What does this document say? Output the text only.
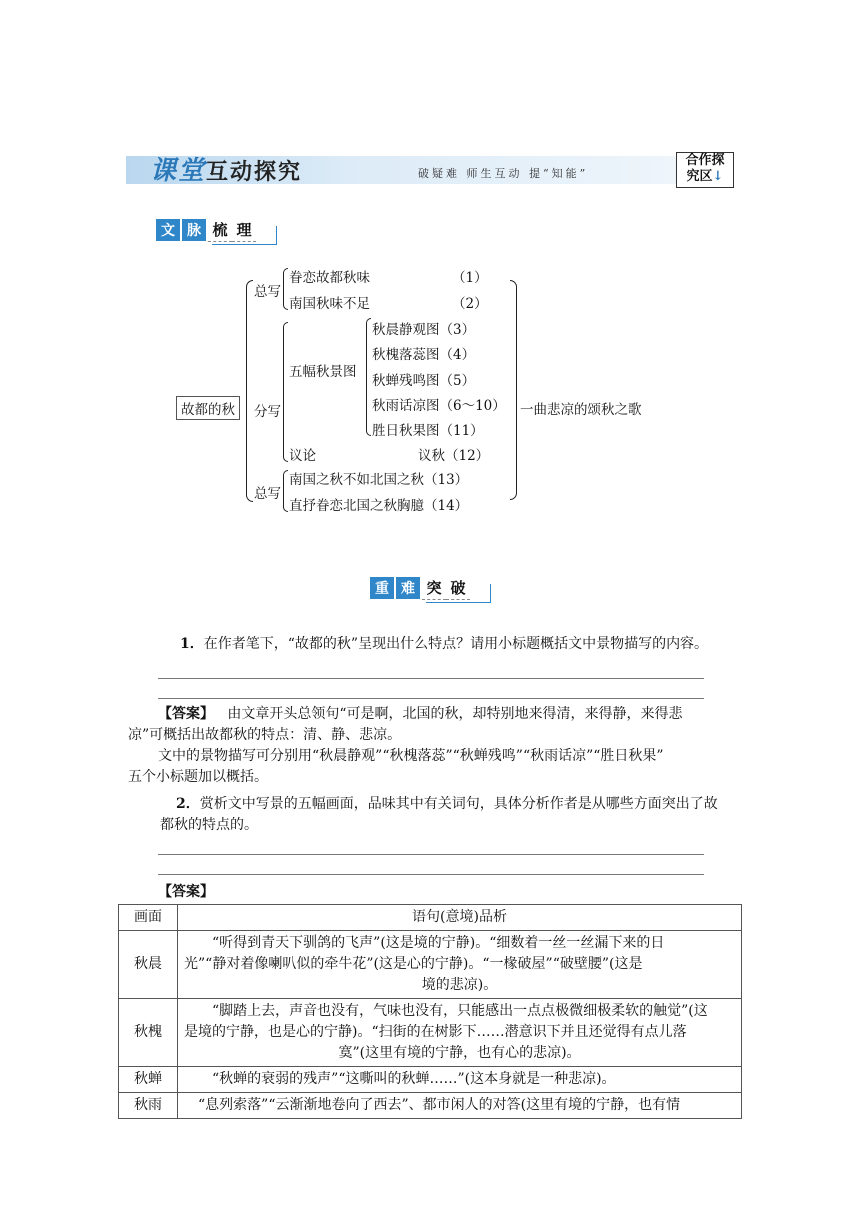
课堂互动探究	破疑难 师生互动 提“知能”
合作探
究区↓
文 脉 梳 理
故都的秋
总写
眷恋故都秋味	（1）
南国秋味不足	（2）
分写
五幅秋景图
秋晨静观图（3）
秋槐落蕊图（4）
秋蝉残鸣图（5）
秋雨话凉图（6～10）
胜日秋果图（11）
议论	议秋（12）
总写
南国之秋不如北国之秋（13）
直抒眷恋北国之秋胸臆（14）
一曲悲凉的颂秋之歌
重 难 突 破
1．在作者笔下，“故都的秋”呈现出什么特点？请用小标题概括文中景物描写的内容。
【答案】 由文章开头总领句“可是啊，北国的秋，却特别地来得清，来得静，来得悲
凉”可概括出故都秋的特点：清、静、悲凉。
文中的景物描写可分别用“秋晨静观”“秋槐落蕊”“秋蝉残鸣”“秋雨话凉”“胜日秋果”
五个小标题加以概括。
2．赏析文中写景的五幅画面，品味其中有关词句，具体分析作者是从哪些方面突出了故
都秋的特点的。
【答案】
画面	语句(意境)品析
秋晨	“听得到青天下驯鸽的飞声”(这是境的宁静)。“细数着一丝一丝漏下来的日
光”“静对着像喇叭似的牵牛花”(这是心的宁静)。“一椽破屋”“破壁腰”(这是
境的悲凉)。

秋槐	“脚踏上去，声音也没有，气味也没有，只能感出一点点极微细极柔软的触觉”(这
是境的宁静，也是心的宁静)。“扫街的在树影下……潜意识下并且还觉得有点儿落
寞”(这里有境的宁静，也有心的悲凉)。

秋蝉	“秋蝉的衰弱的残声”“这嘶叫的秋蝉……”(这本身就是一种悲凉)。

秋雨	“息列索落”“云渐渐地卷向了西去”、都市闲人的对答(这里有境的宁静，也有情
